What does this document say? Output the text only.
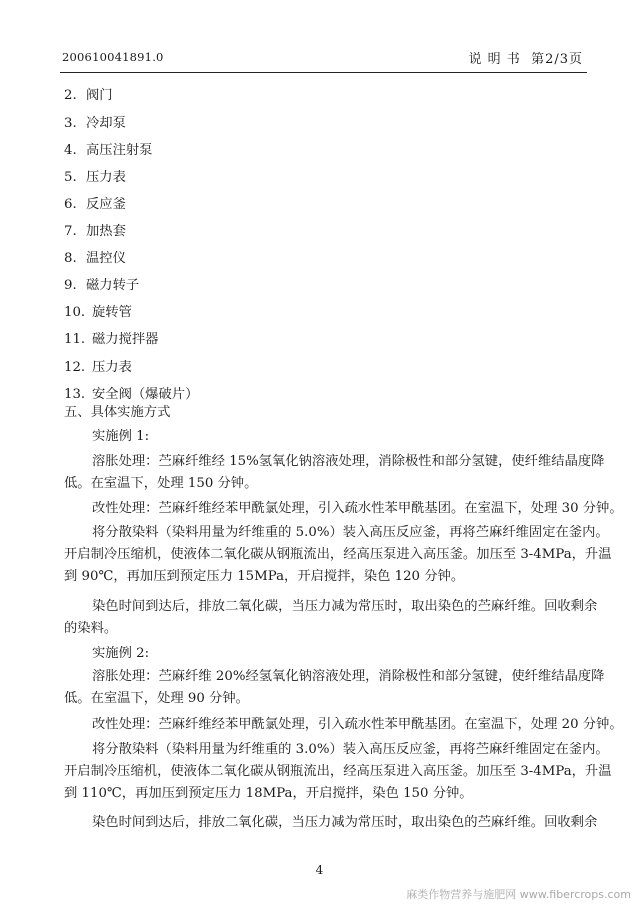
200610041891.0	说 明 书 第2/3页
2. 阀门
3. 冷却泵
4. 高压注射泵
5. 压力表
6. 反应釜
7. 加热套
8. 温控仪
9. 磁力转子
10. 旋转管
11. 磁力搅拌器
12. 压力表
13. 安全阀（爆破片）
五、具体实施方式
实施例 1:
溶胀处理：苎麻纤维经 15%氢氧化钠溶液处理，消除极性和部分氢键，使纤维结晶度降
低。在室温下，处理 150 分钟。
改性处理：苎麻纤维经苯甲酰氯处理，引入疏水性苯甲酰基团。在室温下，处理 30 分钟。
将分散染料（染料用量为纤维重的 5.0%）装入高压反应釜，再将苎麻纤维固定在釜内。
开启制冷压缩机，使液体二氧化碳从钢瓶流出，经高压泵进入高压釜。加压至 3-4MPa，升温
到 90℃，再加压到预定压力 15MPa，开启搅拌，染色 120 分钟。
染色时间到达后，排放二氧化碳，当压力减为常压时，取出染色的苎麻纤维。回收剩余
的染料。
实施例 2:
溶胀处理：苎麻纤维 20%经氢氧化钠溶液处理，消除极性和部分氢键，使纤维结晶度降
低。在室温下，处理 90 分钟。
改性处理：苎麻纤维经苯甲酰氯处理，引入疏水性苯甲酰基团。在室温下，处理 20 分钟。
将分散染料（染料用量为纤维重的 3.0%）装入高压反应釜，再将苎麻纤维固定在釜内。
开启制冷压缩机，使液体二氧化碳从钢瓶流出，经高压泵进入高压釜。加压至 3-4MPa，升温
到 110℃，再加压到预定压力 18MPa，开启搅拌，染色 150 分钟。
染色时间到达后，排放二氧化碳，当压力减为常压时，取出染色的苎麻纤维。回收剩余
4
麻类作物营养与施肥网 www.fibercrops.com
